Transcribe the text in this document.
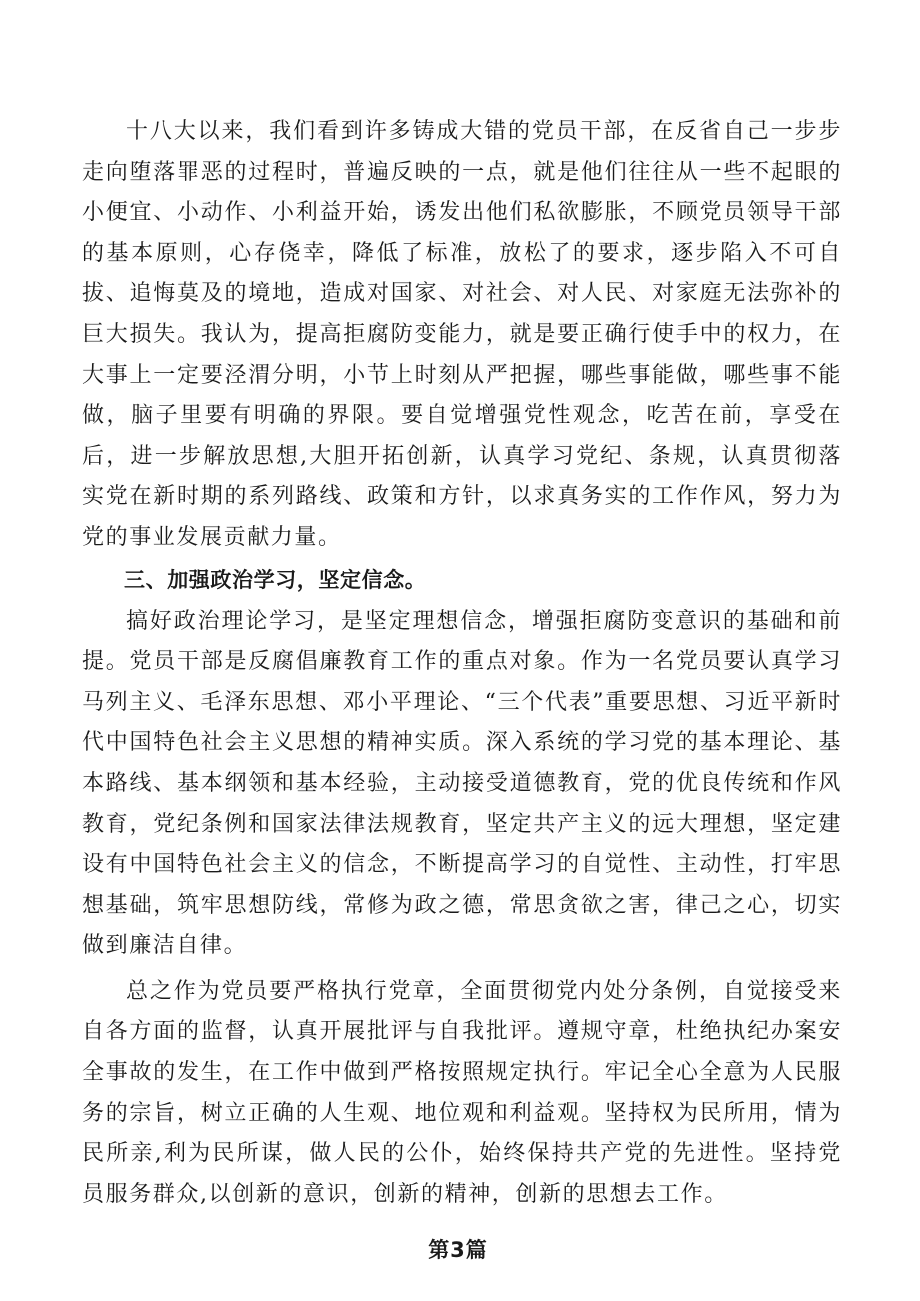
十八大以来，我们看到许多铸成大错的党员干部，在反省自己一步步走向堕落罪恶的过程时，普遍反映的一点，就是他们往往从一些不起眼的小便宜、小动作、小利益开始，诱发出他们私欲膨胀，不顾党员领导干部的基本原则，心存侥幸，降低了标准，放松了的要求，逐步陷入不可自拔、追悔莫及的境地，造成对国家、对社会、对人民、对家庭无法弥补的巨大损失。我认为，提高拒腐防变能力，就是要正确行使手中的权力，在大事上一定要泾渭分明，小节上时刻从严把握，哪些事能做，哪些事不能做，脑子里要有明确的界限。要自觉增强党性观念，吃苦在前，享受在后，进一步解放思想,大胆开拓创新，认真学习党纪、条规，认真贯彻落实党在新时期的系列路线、政策和方针，以求真务实的工作作风，努力为党的事业发展贡献力量。

三、加强政治学习，坚定信念。

搞好政治理论学习，是坚定理想信念，增强拒腐防变意识的基础和前提。党员干部是反腐倡廉教育工作的重点对象。作为一名党员要认真学习马列主义、毛泽东思想、邓小平理论、“三个代表”重要思想、习近平新时代中国特色社会主义思想的精神实质。深入系统的学习党的基本理论、基本路线、基本纲领和基本经验，主动接受道德教育，党的优良传统和作风教育，党纪条例和国家法律法规教育，坚定共产主义的远大理想，坚定建设有中国特色社会主义的信念，不断提高学习的自觉性、主动性，打牢思想基础，筑牢思想防线，常修为政之德，常思贪欲之害，律己之心，切实做到廉洁自律。

总之作为党员要严格执行党章，全面贯彻党内处分条例，自觉接受来自各方面的监督，认真开展批评与自我批评。遵规守章，杜绝执纪办案安全事故的发生，在工作中做到严格按照规定执行。牢记全心全意为人民服务的宗旨，树立正确的人生观、地位观和利益观。坚持权为民所用，情为民所亲,利为民所谋，做人民的公仆，始终保持共产党的先进性。坚持党员服务群众,以创新的意识，创新的精神，创新的思想去工作。

第3篇
